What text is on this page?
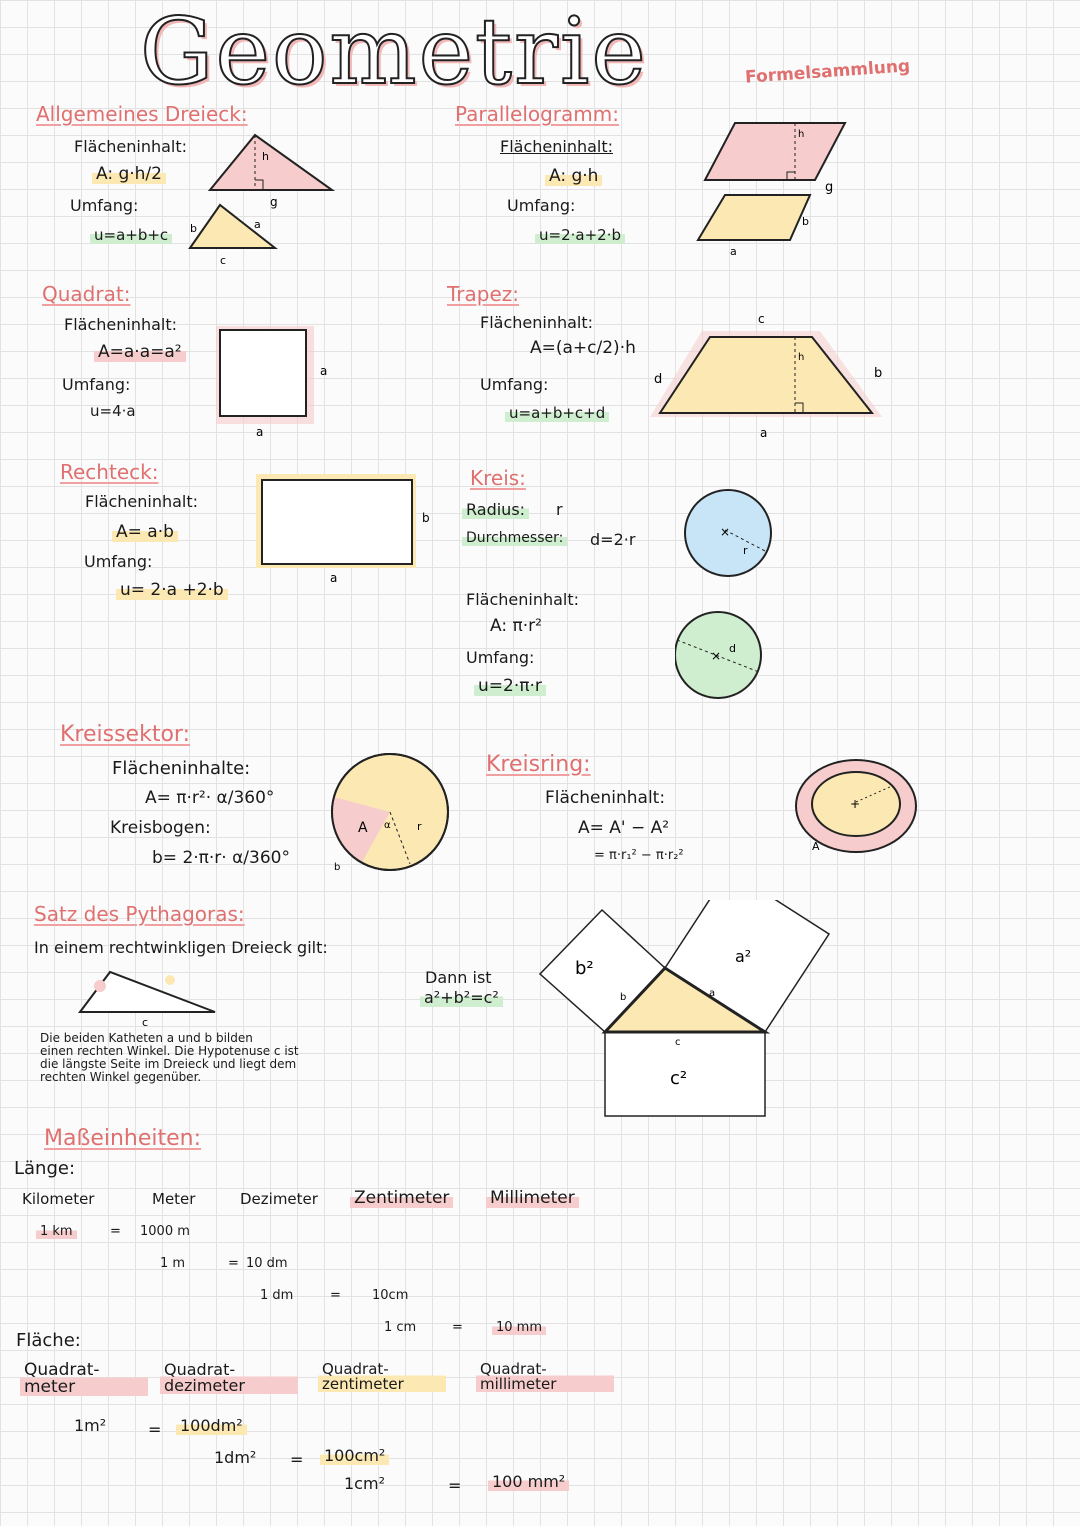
Geometrie	Formelsammlung
Allgemeines Dreieck:
Flächeninhalt:
A: g·h/2
Umfang:
u=a+b+c
h
g
a
b
c
Parallelogramm:
Flächeninhalt:
A: g·h
Umfang:
u=2·a+2·b
h
g
a
b
Quadrat:
Flächeninhalt:
A=a·a=a²
Umfang:
u=4·a
a
a
Trapez:
Flächeninhalt:
A=(a+c/2)·h
Umfang:
u=a+b+c+d
c
d	b
a
h
Rechteck:
Flächeninhalt:
A= a·b
Umfang:
u= 2·a +2·b
b
a
Kreis:
Radius: r
Durchmesser: d=2·r
Flächeninhalt:
A: π·r²
Umfang:
u=2·π·r
×
r
×
d
Kreissektor:
Flächeninhalte:
A= π·r²· α/360°
Kreisbogen:
b= 2·π·r· α/360°
A α r
b
Kreisring:
Flächeninhalt:
A= A' − A²
= π·r₁² − π·r₂²
+
A
Satz des Pythagoras:
In einem rechtwinkligen Dreieck gilt:
Dann ist
a²+b²=c²
c
Die beiden Katheten a und b bilden
einen rechten Winkel. Die Hypotenuse c ist
die längste Seite im Dreieck und liegt dem
rechten Winkel gegenüber.
b²
a²
c²
b	a
c
Maßeinheiten:
Länge:
Kilometer	Meter	Dezimeter Zentimeter Millimeter
1 km	= 1000 m
1 m	= 10 dm
1 dm	= 10cm
1 cm	=	10 mm
Fläche:
Quadrat-meter
Quadrat-dezimeter
Quadrat-zentimeter
Quadrat-millimeter
1m²	= 100dm²
1dm² = 100cm²
1cm²	= 100 mm²
